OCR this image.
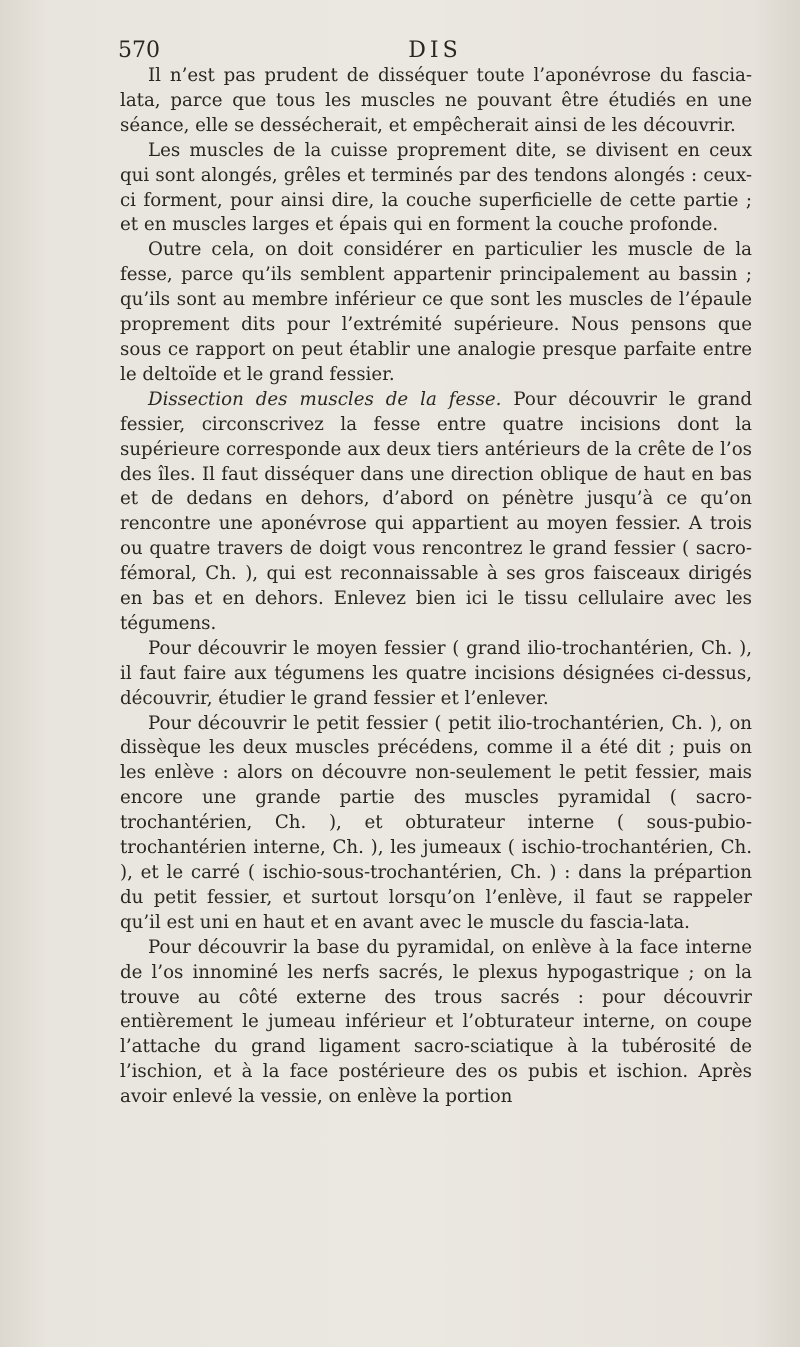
570	DIS

Il n’est pas prudent de disséquer toute l’aponévrose du fascia-lata, parce que tous les muscles ne pouvant être étudiés en une séance, elle se dessécherait, et empêcherait ainsi de les découvrir.

Les muscles de la cuisse proprement dite, se divisent en ceux qui sont alongés, grêles et terminés par des tendons alongés : ceux-ci forment, pour ainsi dire, la couche superficielle de cette partie ; et en muscles larges et épais qui en forment la couche profonde.

Outre cela, on doit considérer en particulier les muscle de la fesse, parce qu’ils semblent appartenir principalement au bassin ; qu’ils sont au membre inférieur ce que sont les muscles de l’épaule proprement dits pour l’extrémité supérieure. Nous pensons que sous ce rapport on peut établir une analogie presque parfaite entre le deltoïde et le grand fessier.

Dissection des muscles de la fesse. Pour découvrir le grand fessier, circonscrivez la fesse entre quatre incisions dont la supérieure corresponde aux deux tiers antérieurs de la crête de l’os des îles. Il faut disséquer dans une direction oblique de haut en bas et de dedans en dehors, d’abord on pénètre jusqu’à ce qu’on rencontre une aponévrose qui appartient au moyen fessier. A trois ou quatre travers de doigt vous rencontrez le grand fessier ( sacro-fémoral, Ch. ), qui est reconnaissable à ses gros faisceaux dirigés en bas et en dehors. Enlevez bien ici le tissu cellulaire avec les tégumens.

Pour découvrir le moyen fessier ( grand ilio-trochantérien, Ch. ), il faut faire aux tégumens les quatre incisions désignées ci-dessus, découvrir, étudier le grand fessier et l’enlever.

Pour découvrir le petit fessier ( petit ilio-trochantérien, Ch. ), on dissèque les deux muscles précédens, comme il a été dit ; puis on les enlève : alors on découvre non-seulement le petit fessier, mais encore une grande partie des muscles pyramidal ( sacro-trochantérien, Ch. ), et obturateur interne ( sous-pubio-trochantérien interne, Ch. ), les jumeaux ( ischio-trochantérien, Ch. ), et le carré ( ischio-sous-trochantérien, Ch. ) : dans la prépartion du petit fessier, et surtout lorsqu’on l’enlève, il faut se rappeler qu’il est uni en haut et en avant avec le muscle du fascia-lata.

Pour découvrir la base du pyramidal, on enlève à la face interne de l’os innominé les nerfs sacrés, le plexus hypogastrique ; on la trouve au côté externe des trous sacrés : pour découvrir entièrement le jumeau inférieur et l’obturateur interne, on coupe l’attache du grand ligament sacro-sciatique à la tubérosité de l’ischion, et à la face postérieure des os pubis et ischion. Après avoir enlevé la vessie, on enlève la portion
